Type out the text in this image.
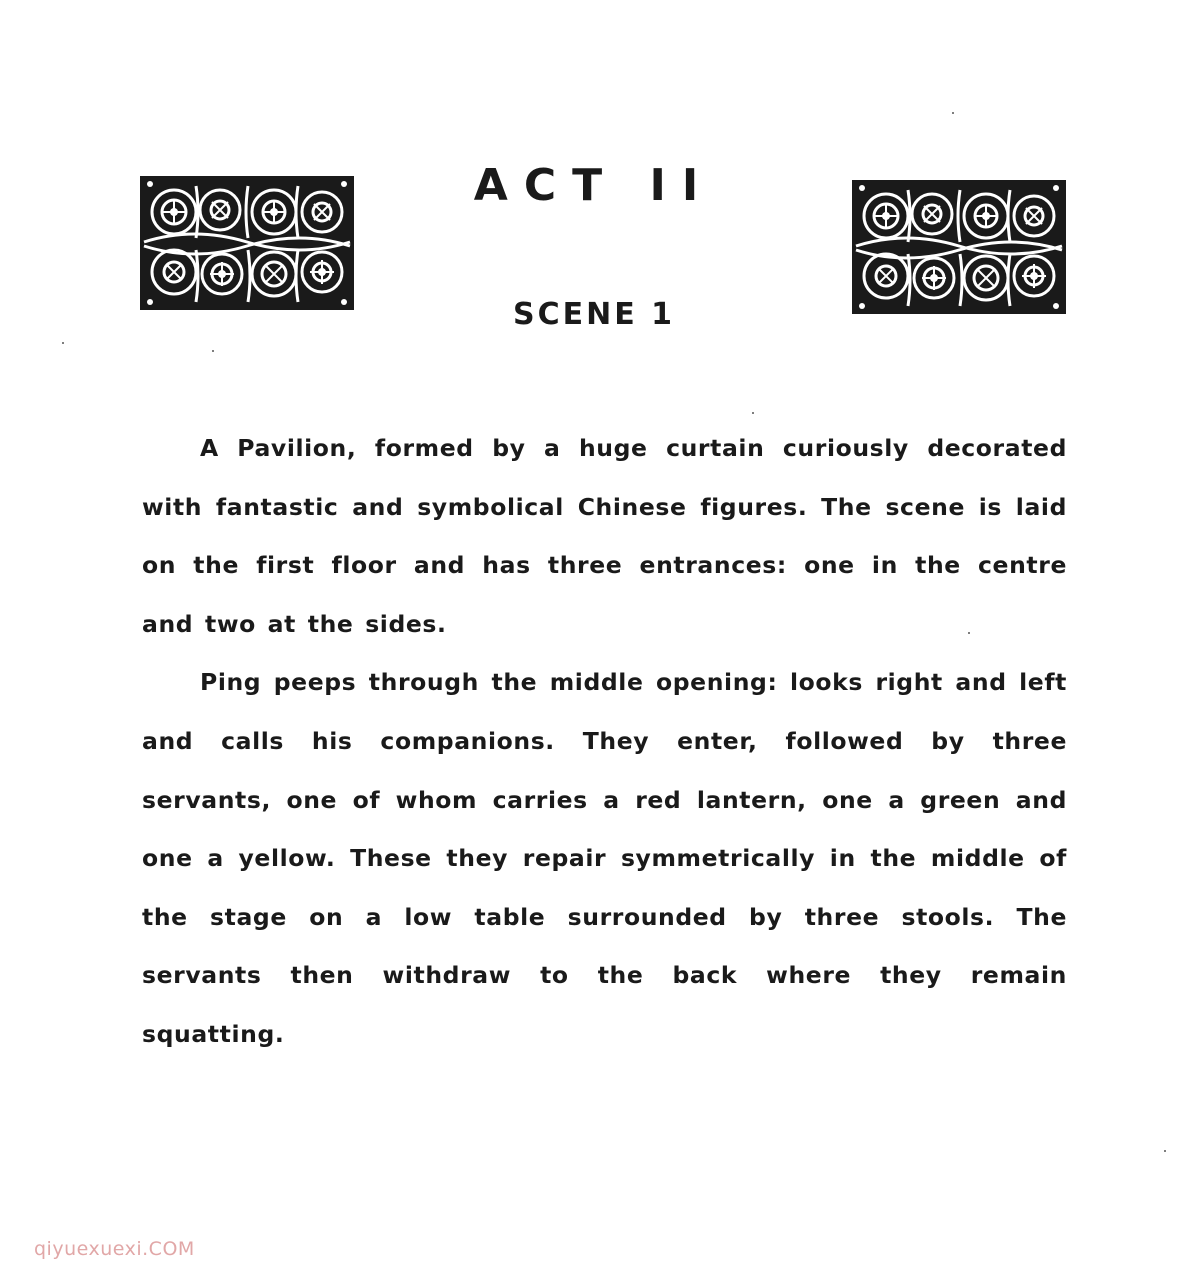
ACT II
SCENE 1

A Pavilion, formed by a huge curtain curiously decorated with fantastic and symbolical Chinese figures. The scene is laid on the first floor and has three entrances: one in the centre and two at the sides.

Ping peeps through the middle opening: looks right and left and calls his companions. They enter, followed by three servants, one of whom carries a red lantern, one a green and one a yellow. These they repair symmetrically in the middle of the stage on a low table surrounded by three stools. The servants then withdraw to the back where they remain squatting.

qiyuexuexi.COM
